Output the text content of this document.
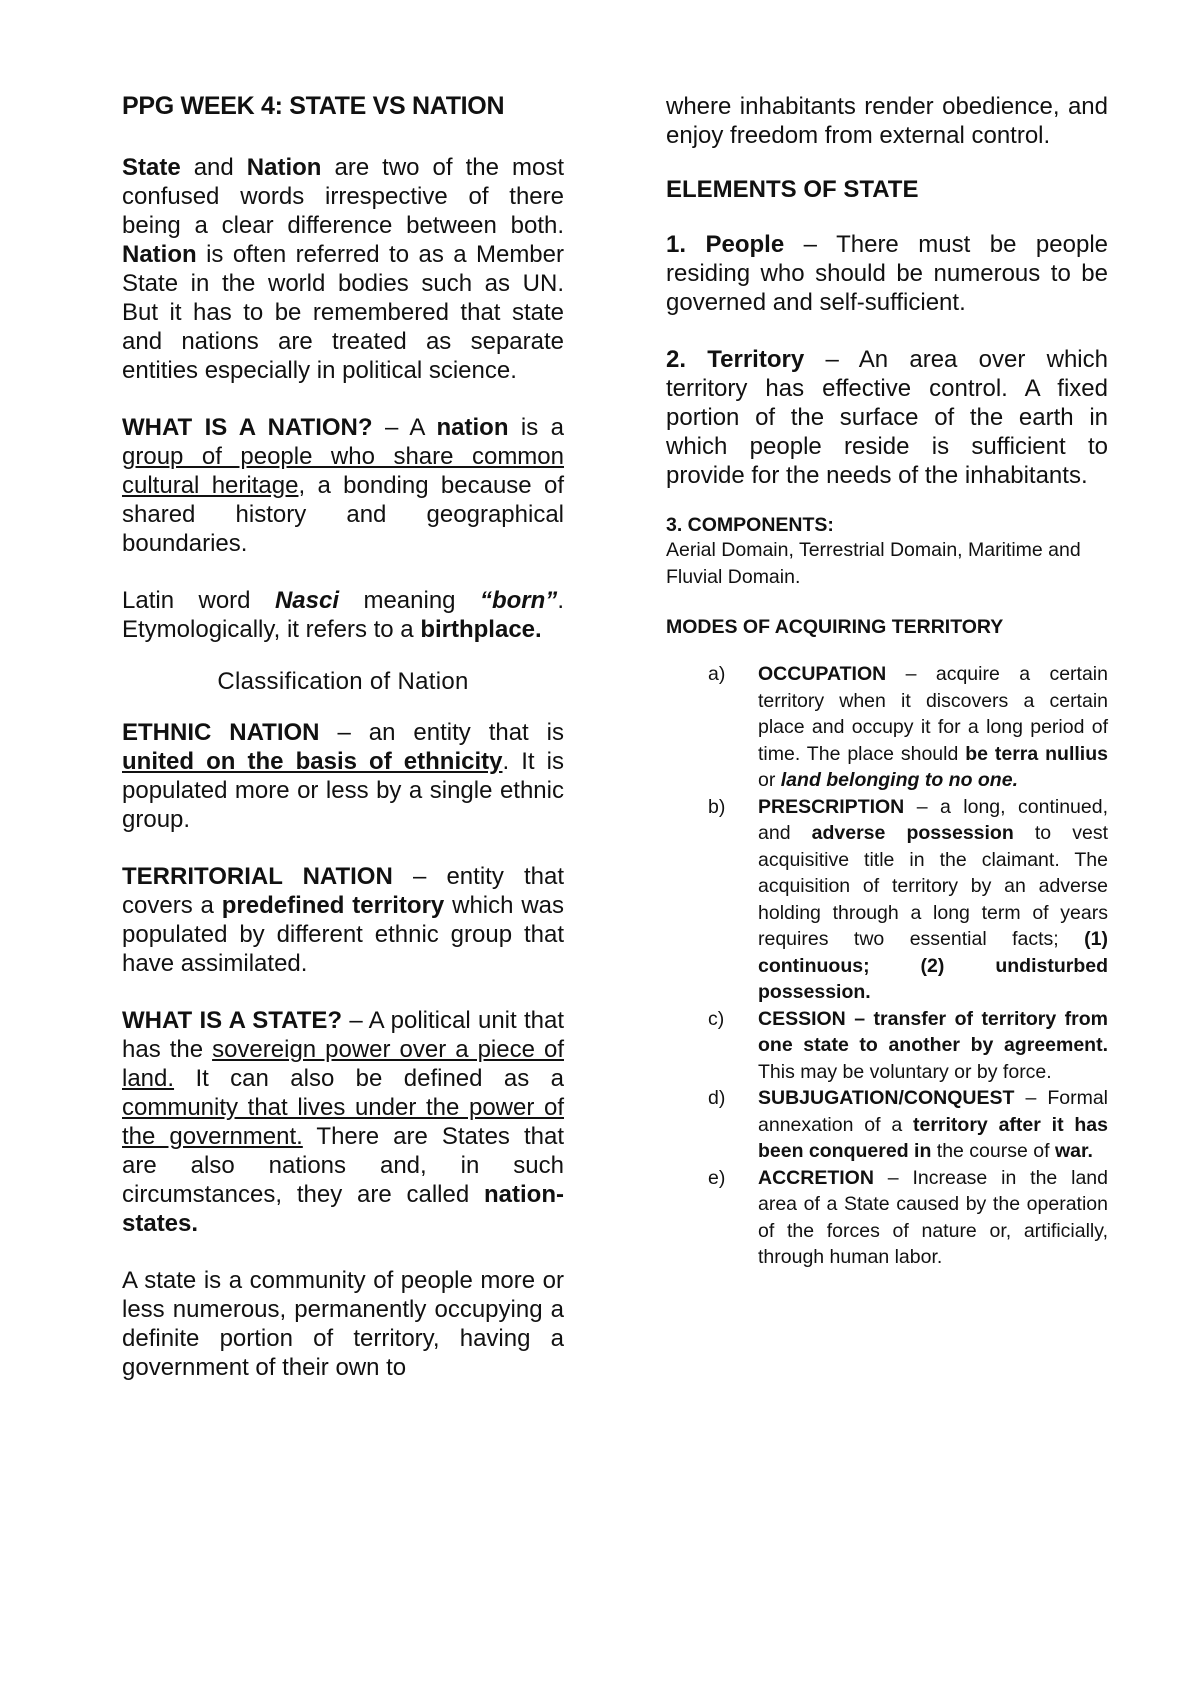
PPG WEEK 4: STATE VS NATION

State and Nation are two of the most confused words irrespective of there being a clear difference between both. Nation is often referred to as a Member State in the world bodies such as UN. But it has to be remembered that state and nations are treated as separate entities especially in political science.

WHAT IS A NATION? – A nation is a group of people who share common cultural heritage, a bonding because of shared history and geographical boundaries.

Latin word Nasci meaning “born”. Etymologically, it refers to a birthplace.

Classification of Nation

ETHNIC NATION – an entity that is united on the basis of ethnicity. It is populated more or less by a single ethnic group.

TERRITORIAL NATION – entity that covers a predefined territory which was populated by different ethnic group that have assimilated.

WHAT IS A STATE? – A political unit that has the sovereign power over a piece of land. It can also be defined as a community that lives under the power of the government. There are States that are also nations and, in such circumstances, they are called nation-states.

A state is a community of people more or less numerous, permanently occupying a definite portion of territory, having a government of their own to

where inhabitants render obedience, and enjoy freedom from external control.

ELEMENTS OF STATE

1. People – There must be people residing who should be numerous to be governed and self-sufficient.

2. Territory – An area over which territory has effective control. A fixed portion of the surface of the earth in which people reside is sufficient to provide for the needs of the inhabitants.

3. COMPONENTS:

Aerial Domain, Terrestrial Domain, Maritime and Fluvial Domain.

MODES OF ACQUIRING TERRITORY

a) OCCUPATION – acquire a certain territory when it discovers a certain place and occupy it for a long period of time. The place should be terra nullius or land belonging to no one.
b) PRESCRIPTION – a long, continued, and adverse possession to vest acquisitive title in the claimant. The acquisition of territory by an adverse holding through a long term of years requires two essential facts; (1) continuous; (2) undisturbed possession.
c) CESSION – transfer of territory from one state to another by agreement. This may be voluntary or by force.
d) SUBJUGATION/CONQUEST – Formal annexation of a territory after it has been conquered in the course of war.
e) ACCRETION – Increase in the land area of a State caused by the operation of the forces of nature or, artificially, through human labor.
